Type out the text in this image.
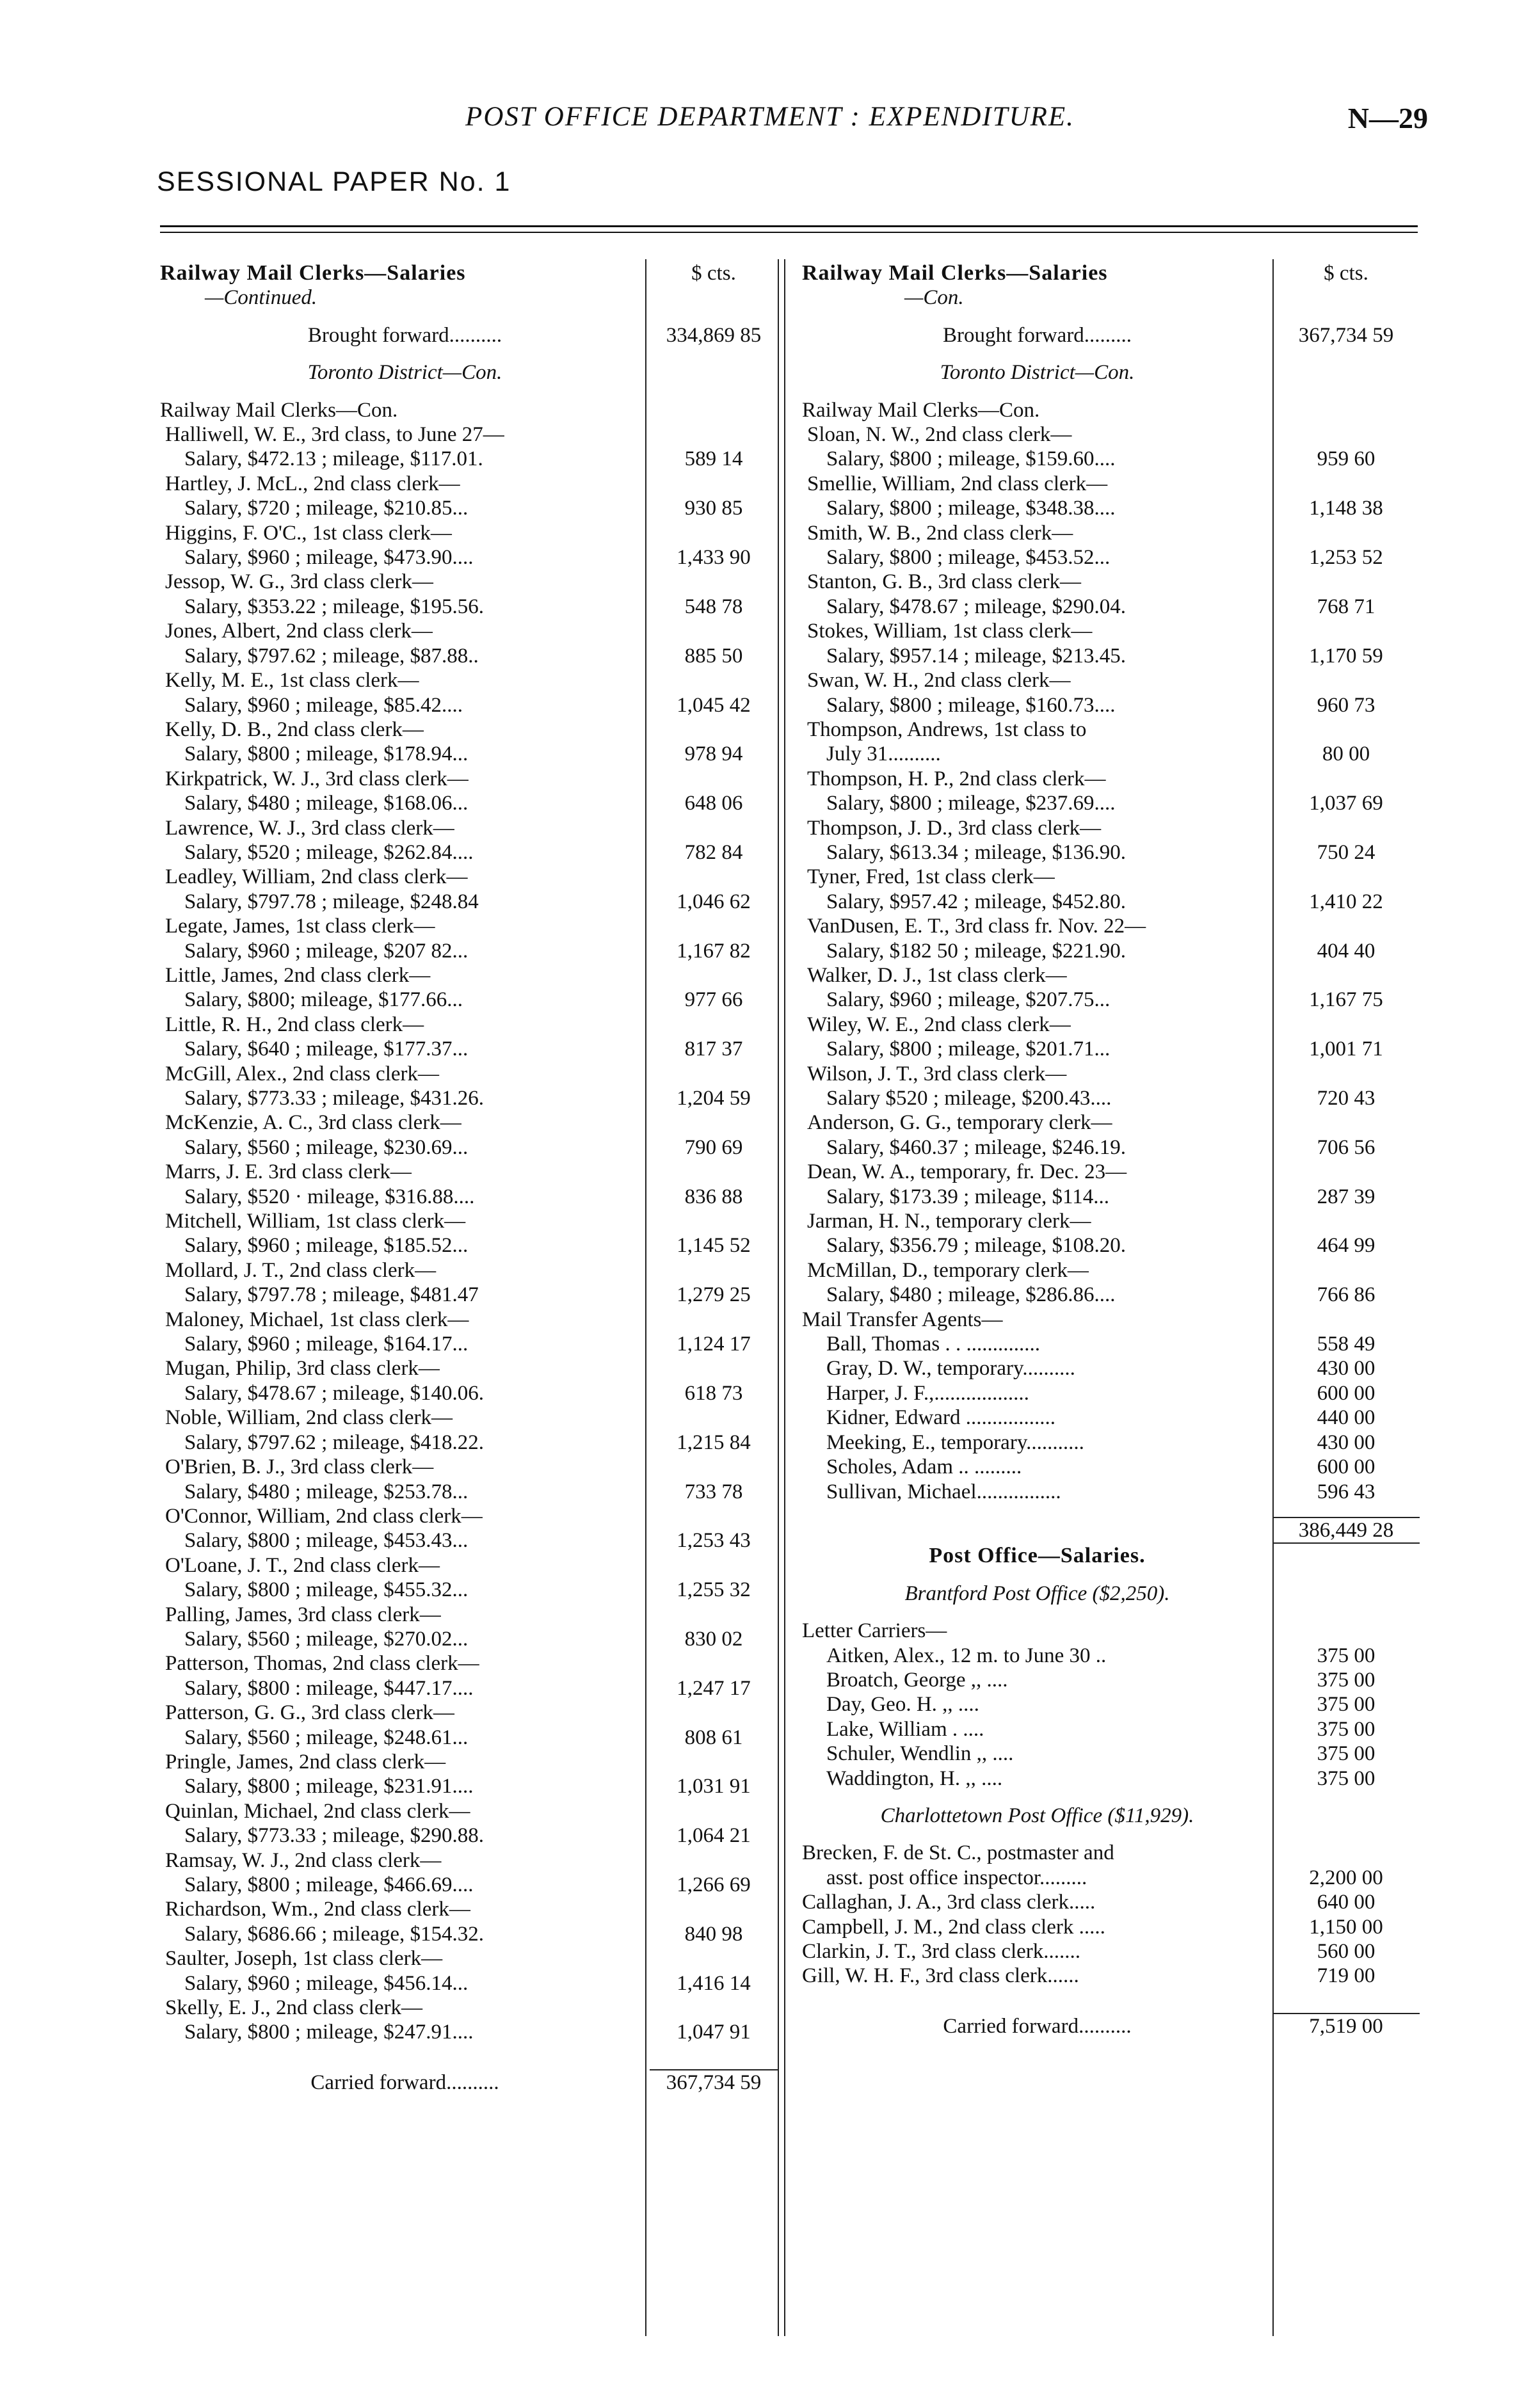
POST OFFICE DEPARTMENT : EXPENDITURE.	N—29
SESSIONAL PAPER No. 1
Railway Mail Clerks—Salaries	$ cts.
—Continued.
Brought forward..........	334,869 85
Toronto District—Con.
Railway Mail Clerks—Con.
Halliwell, W. E., 3rd class, to June 27—
Salary, $472.13 ; mileage, $117.01.	589 14
Hartley, J. McL., 2nd class clerk—
Salary, $720 ; mileage, $210.85...	930 85
Higgins, F. O'C., 1st class clerk—
Salary, $960 ; mileage, $473.90....	1,433 90
Jessop, W. G., 3rd class clerk—
Salary, $353.22 ; mileage, $195.56.	548 78
Jones, Albert, 2nd class clerk—
Salary, $797.62 ; mileage, $87.88..	885 50
Kelly, M. E., 1st class clerk—
Salary, $960 ; mileage, $85.42....	1,045 42
Kelly, D. B., 2nd class clerk—
Salary, $800 ; mileage, $178.94...	978 94
Kirkpatrick, W. J., 3rd class clerk—
Salary, $480 ; mileage, $168.06...	648 06
Lawrence, W. J., 3rd class clerk—
Salary, $520 ; mileage, $262.84....	782 84
Leadley, William, 2nd class clerk—
Salary, $797.78 ; mileage, $248.84	1,046 62
Legate, James, 1st class clerk—
Salary, $960 ; mileage, $207 82...	1,167 82
Little, James, 2nd class clerk—
Salary, $800; mileage, $177.66...	977 66
Little, R. H., 2nd class clerk—
Salary, $640 ; mileage, $177.37...	817 37
McGill, Alex., 2nd class clerk—
Salary, $773.33 ; mileage, $431.26.	1,204 59
McKenzie, A. C., 3rd class clerk—
Salary, $560 ; mileage, $230.69...	790 69
Marrs, J. E. 3rd class clerk—
Salary, $520 · mileage, $316.88....	836 88
Mitchell, William, 1st class clerk—
Salary, $960 ; mileage, $185.52...	1,145 52
Mollard, J. T., 2nd class clerk—
Salary, $797.78 ; mileage, $481.47	1,279 25
Maloney, Michael, 1st class clerk—
Salary, $960 ; mileage, $164.17...	1,124 17
Mugan, Philip, 3rd class clerk—
Salary, $478.67 ; mileage, $140.06.	618 73
Noble, William, 2nd class clerk—
Salary, $797.62 ; mileage, $418.22.	1,215 84
O'Brien, B. J., 3rd class clerk—
Salary, $480 ; mileage, $253.78...	733 78
O'Connor, William, 2nd class clerk—
Salary, $800 ; mileage, $453.43...	1,253 43
O'Loane, J. T., 2nd class clerk—
Salary, $800 ; mileage, $455.32...	1,255 32
Palling, James, 3rd class clerk—
Salary, $560 ; mileage, $270.02...	830 02
Patterson, Thomas, 2nd class clerk—
Salary, $800 : mileage, $447.17....	1,247 17
Patterson, G. G., 3rd class clerk—
Salary, $560 ; mileage, $248.61...	808 61
Pringle, James, 2nd class clerk—
Salary, $800 ; mileage, $231.91....	1,031 91
Quinlan, Michael, 2nd class clerk—
Salary, $773.33 ; mileage, $290.88.	1,064 21
Ramsay, W. J., 2nd class clerk—
Salary, $800 ; mileage, $466.69....	1,266 69
Richardson, Wm., 2nd class clerk—
Salary, $686.66 ; mileage, $154.32.	840 98
Saulter, Joseph, 1st class clerk—
Salary, $960 ; mileage, $456.14...	1,416 14
Skelly, E. J., 2nd class clerk—
Salary, $800 ; mileage, $247.91....	1,047 91
Carried forward..........	367,734 59
Railway Mail Clerks—Salaries	$ cts.
—Con.
Brought forward.........	367,734 59
Toronto District—Con.
Railway Mail Clerks—Con.
Sloan, N. W., 2nd class clerk—
Salary, $800 ; mileage, $159.60....	959 60
Smellie, William, 2nd class clerk—
Salary, $800 ; mileage, $348.38....	1,148 38
Smith, W. B., 2nd class clerk—
Salary, $800 ; mileage, $453.52...	1,253 52
Stanton, G. B., 3rd class clerk—
Salary, $478.67 ; mileage, $290.04.	768 71
Stokes, William, 1st class clerk—
Salary, $957.14 ; mileage, $213.45.	1,170 59
Swan, W. H., 2nd class clerk—
Salary, $800 ; mileage, $160.73....	960 73
Thompson, Andrews, 1st class to
July 31..........	80 00
Thompson, H. P., 2nd class clerk—
Salary, $800 ; mileage, $237.69....	1,037 69
Thompson, J. D., 3rd class clerk—
Salary, $613.34 ; mileage, $136.90.	750 24
Tyner, Fred, 1st class clerk—
Salary, $957.42 ; mileage, $452.80.	1,410 22
VanDusen, E. T., 3rd class fr. Nov. 22—
Salary, $182 50 ; mileage, $221.90.	404 40
Walker, D. J., 1st class clerk—
Salary, $960 ; mileage, $207.75...	1,167 75
Wiley, W. E., 2nd class clerk—
Salary, $800 ; mileage, $201.71...	1,001 71
Wilson, J. T., 3rd class clerk—
Salary $520 ; mileage, $200.43....	720 43
Anderson, G. G., temporary clerk—
Salary, $460.37 ; mileage, $246.19.	706 56
Dean, W. A., temporary, fr. Dec. 23—
Salary, $173.39 ; mileage, $114...	287 39
Jarman, H. N., temporary clerk—
Salary, $356.79 ; mileage, $108.20.	464 99
McMillan, D., temporary clerk—
Salary, $480 ; mileage, $286.86....	766 86
Mail Transfer Agents—
Ball, Thomas . . ..............	558 49
Gray, D. W., temporary..........	430 00
Harper, J. F.,..................	600 00
Kidner, Edward .................	440 00
Meeking, E., temporary...........	430 00
Scholes, Adam .. .........	600 00
Sullivan, Michael................	596 43
386,449 28
Post Office—Salaries.
Brantford Post Office ($2,250).
Letter Carriers—
Aitken, Alex., 12 m. to June 30 ..	375 00
Broatch, George ,, ....	375 00
Day, Geo. H. ,, ....	375 00
Lake, William . ....	375 00
Schuler, Wendlin ,, ....	375 00
Waddington, H. ,, ....	375 00
Charlottetown Post Office ($11,929).
Brecken, F. de St. C., postmaster and
asst. post office inspector.........	2,200 00
Callaghan, J. A., 3rd class clerk.....	640 00
Campbell, J. M., 2nd class clerk .....	1,150 00
Clarkin, J. T., 3rd class clerk.......	560 00
Gill, W. H. F., 3rd class clerk......	719 00
Carried forward..........	7,519 00
